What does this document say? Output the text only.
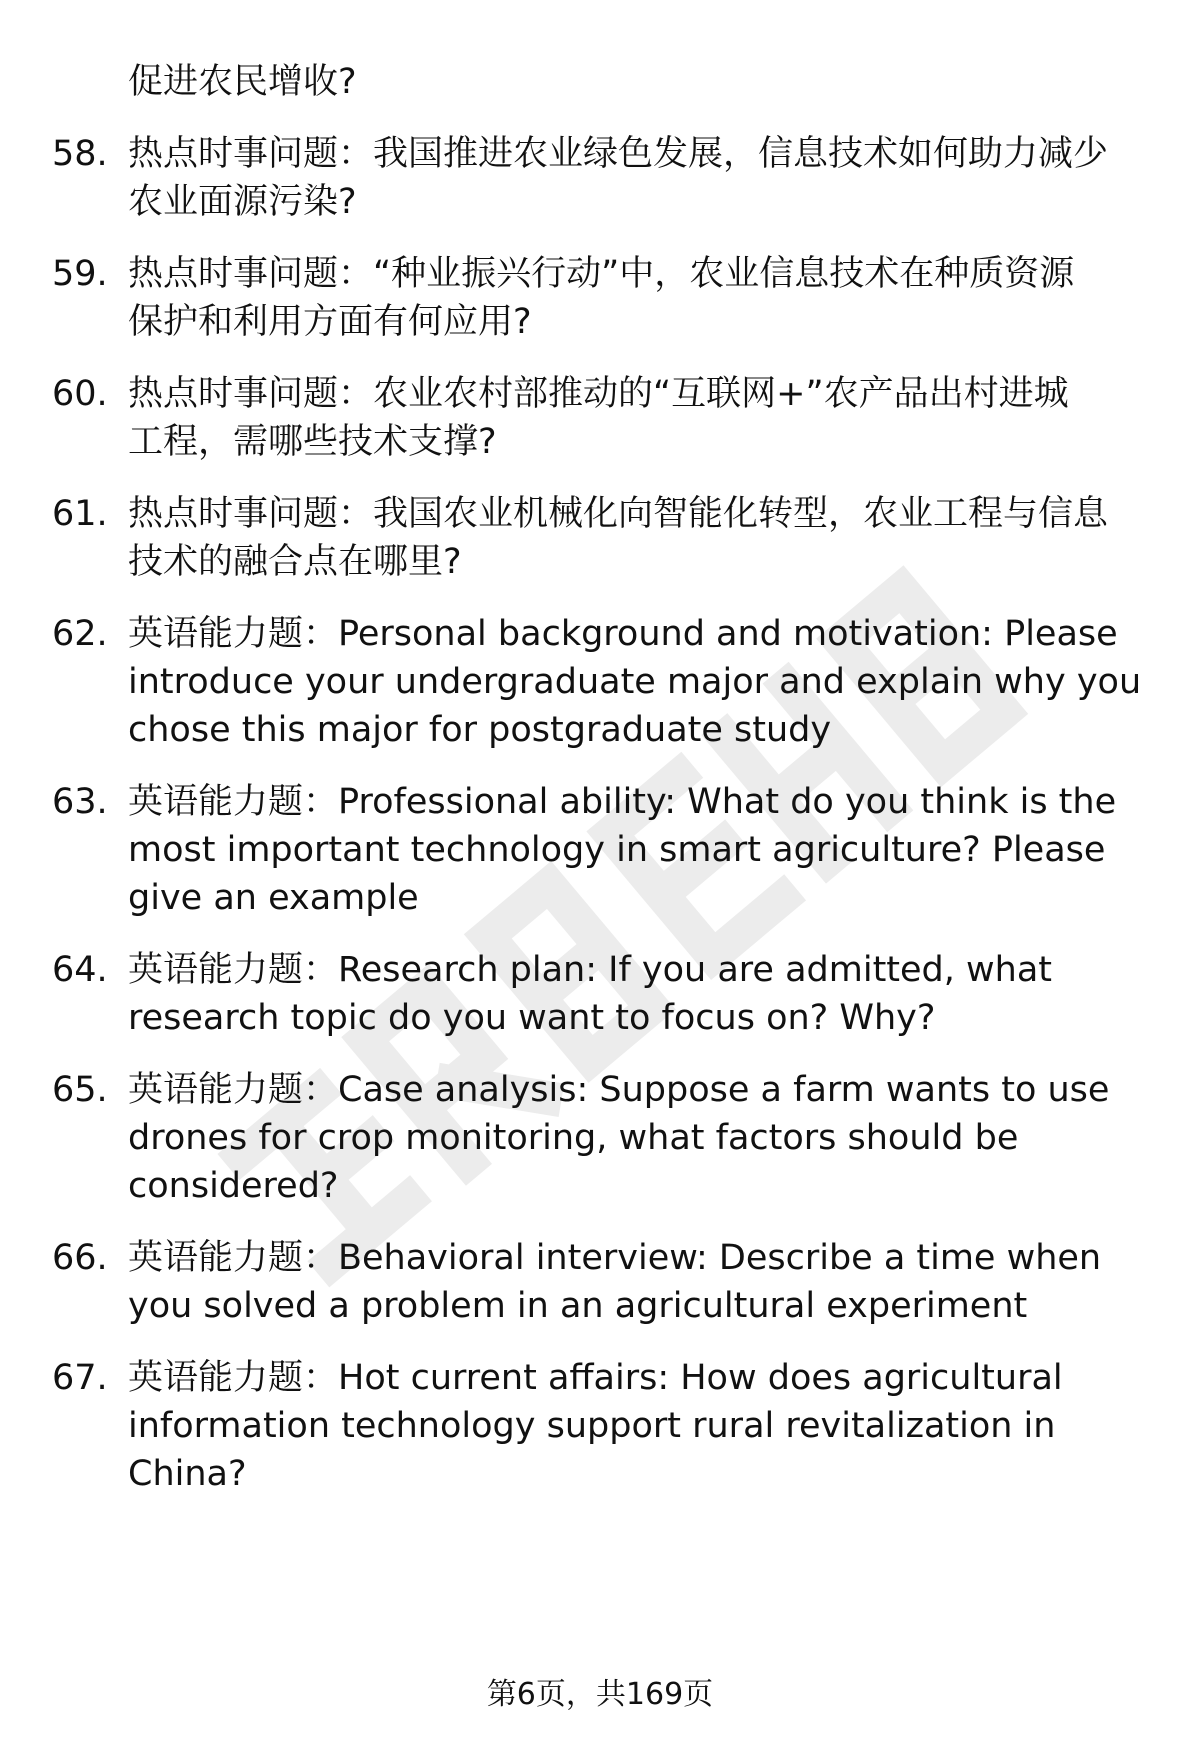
促进农民增收?
58. 热点时事问题：我国推进农业绿色发展，信息技术如何助力减少
农业面源污染?
59. 热点时事问题：“种业振兴行动”中，农业信息技术在种质资源
保护和利用方面有何应用?
60. 热点时事问题：农业农村部推动的“互联网+”农产品出村进城
工程，需哪些技术支撑?
61. 热点时事问题：我国农业机械化向智能化转型，农业工程与信息
技术的融合点在哪里?
62. 英语能力题：Personal background and motivation: Please
introduce your undergraduate major and explain why you
chose this major for postgraduate study
63. 英语能力题：Professional ability: What do you think is the
most important technology in smart agriculture? Please
give an example
64. 英语能力题：Research plan: If you are admitted, what
research topic do you want to focus on? Why?
65. 英语能力题：Case analysis: Suppose a farm wants to use
drones for crop monitoring, what factors should be
considered?
66. 英语能力题：Behavioral interview: Describe a time when
you solved a problem in an agricultural experiment
67. 英语能力题：Hot current affairs: How does agricultural
information technology support rural revitalization in
China?
第6页，共169页
